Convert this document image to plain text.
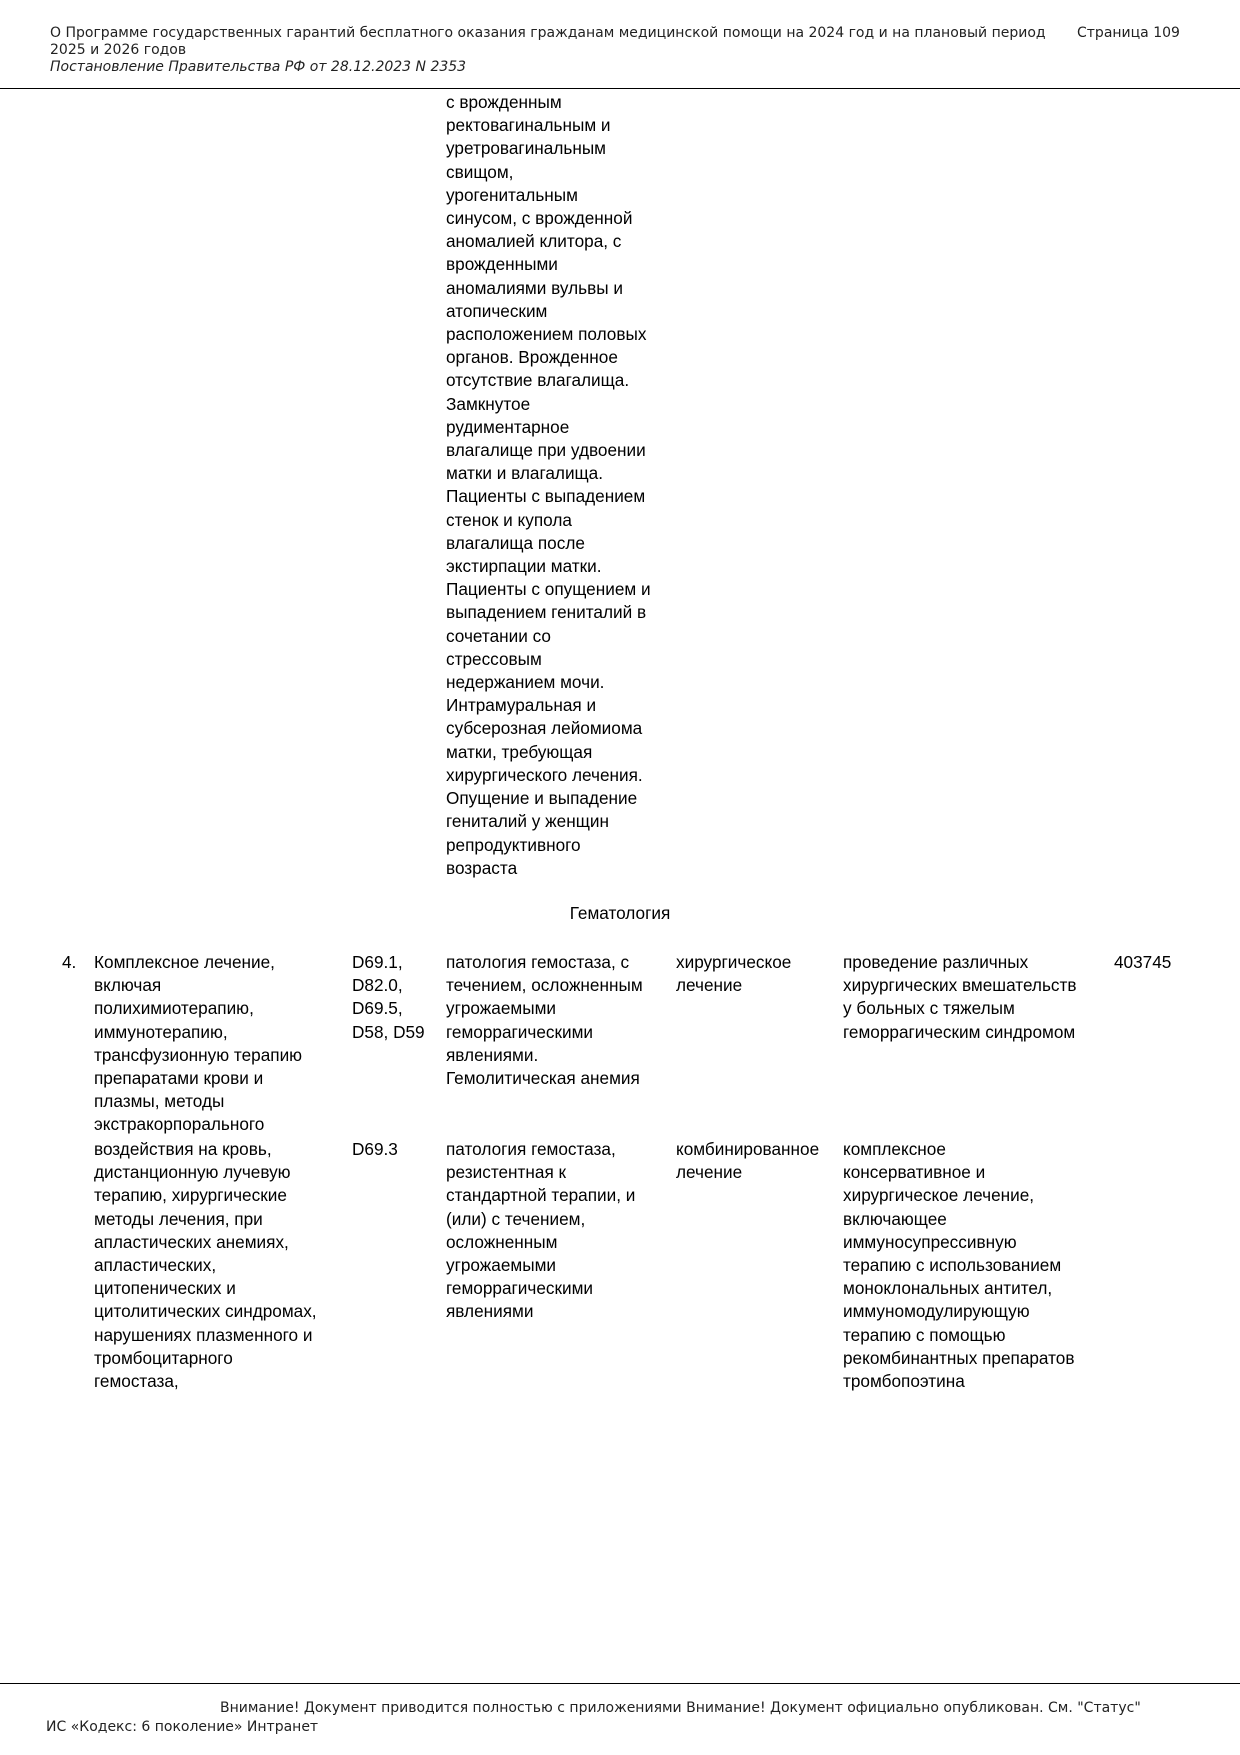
О Программе государственных гарантий бесплатного оказания гражданам медицинской помощи на 2024 год и на плановый период 2025 и 2026 годов
Постановление Правительства РФ от 28.12.2023 N 2353
Страница 109
с врожденным
ректовагинальным и
уретровагинальным
свищом,
урогенитальным
синусом, с врожденной
аномалией клитора, с
врожденными
аномалиями вульвы и
атопическим
расположением половых
органов. Врожденное
отсутствие влагалища.
Замкнутое
рудиментарное
влагалище при удвоении
матки и влагалища.
Пациенты с выпадением
стенок и купола
влагалища после
экстирпации матки.
Пациенты с опущением и
выпадением гениталий в
сочетании со
стрессовым
недержанием мочи.
Интрамуральная и
субсерозная лейомиома
матки, требующая
хирургического лечения.
Опущение и выпадение
гениталий у женщин
репродуктивного
возраста
Гематология
4.	Комплексное лечение,
включая
полихимиотерапию,
иммунотерапию,
трансфузионную терапию
препаратами крови и
плазмы, методы
экстракорпорального
D69.1,
D82.0,
D69.5,
D58, D59
патология гемостаза, с
течением, осложненным
угрожаемыми
геморрагическими
явлениями.
Гемолитическая анемия
хирургическое
лечение
проведение различных
хирургических вмешательств
у больных с тяжелым
геморрагическим синдромом
403745
воздействия на кровь,
дистанционную лучевую
терапию, хирургические
методы лечения, при
апластических анемиях,
апластических,
цитопенических и
цитолитических синдромах,
нарушениях плазменного и
тромбоцитарного
гемостаза,
D69.3	патология гемостаза,
резистентная к
стандартной терапии, и
(или) с течением,
осложненным
угрожаемыми
геморрагическими
явлениями
комбинированное
лечение
комплексное
консервативное и
хирургическое лечение,
включающее
иммуносупрессивную
терапию с использованием
моноклональных антител,
иммуномодулирующую
терапию с помощью
рекомбинантных препаратов
тромбопоэтина
Внимание! Документ приводится полностью с приложениями Внимание! Документ официально опубликован. См. "Статус"
ИС «Кодекс: 6 поколение» Интранет
